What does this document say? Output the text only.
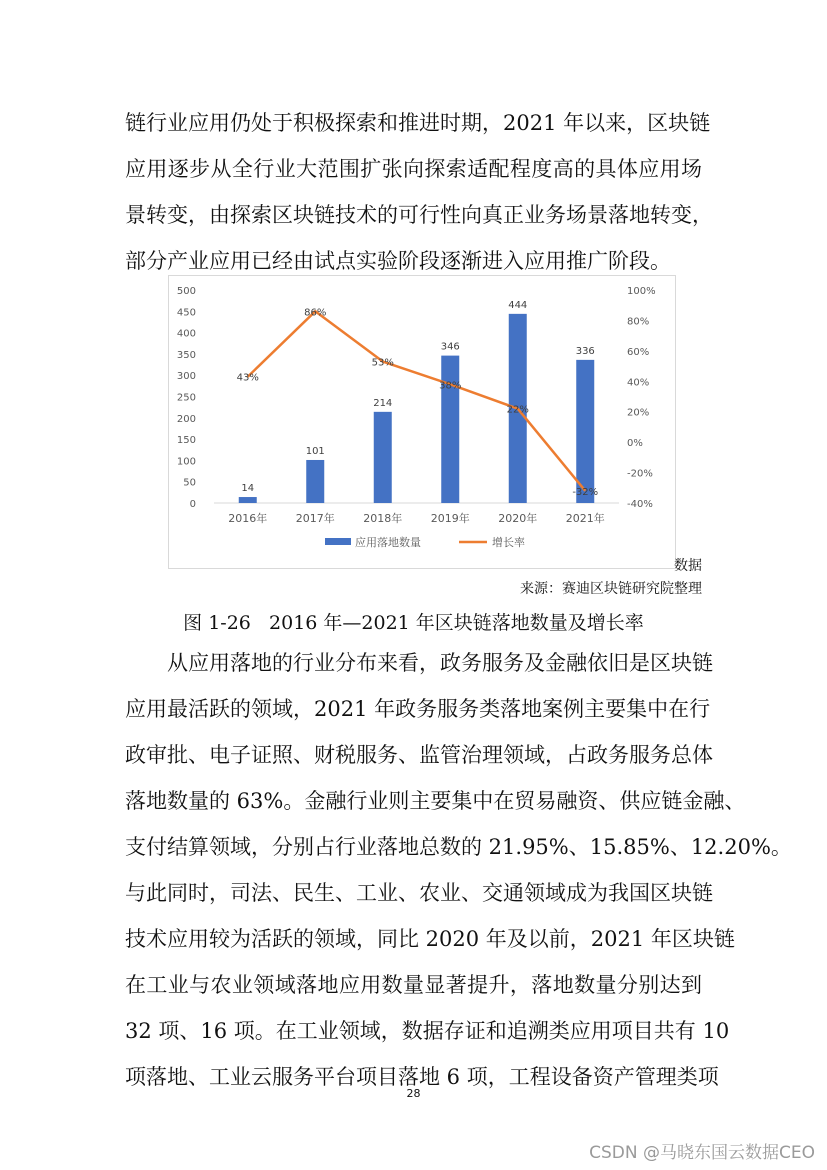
链行业应用仍处于积极探索和推进时期，2021 年以来，区块链
应用逐步从全行业大范围扩张向探索适配程度高的具体应用场
景转变，由探索区块链技术的可行性向真正业务场景落地转变，
部分产业应用已经由试点实验阶段逐渐进入应用推广阶段。
0
50
100
150
200
250
300
350
400
450
500
-40%
-20%
0%
20%
40%
60%
80%
100%
2016年	2017年	2018年	2019年	2020年	2021年
14
101
214
346
444
336
43%
86%
53%
38%
22%
-32%
应用落地数量	增长率
数据
来源：赛迪区块链研究院整理
图 1-26   2016 年—2021 年区块链落地数量及增长率
从应用落地的行业分布来看，政务服务及金融依旧是区块链
应用最活跃的领域，2021 年政务服务类落地案例主要集中在行
政审批、电子证照、财税服务、监管治理领域，占政务服务总体
落地数量的 63%。金融行业则主要集中在贸易融资、供应链金融、
支付结算领域，分别占行业落地总数的 21.95%、15.85%、12.20%。
与此同时，司法、民生、工业、农业、交通领域成为我国区块链
技术应用较为活跃的领域，同比 2020 年及以前，2021 年区块链
在工业与农业领域落地应用数量显著提升，落地数量分别达到
32 项、16 项。在工业领域，数据存证和追溯类应用项目共有 10
项落地、工业云服务平台项目落地 6 项，工程设备资产管理类项
28
CSDN @马晓东国云数据CEO
